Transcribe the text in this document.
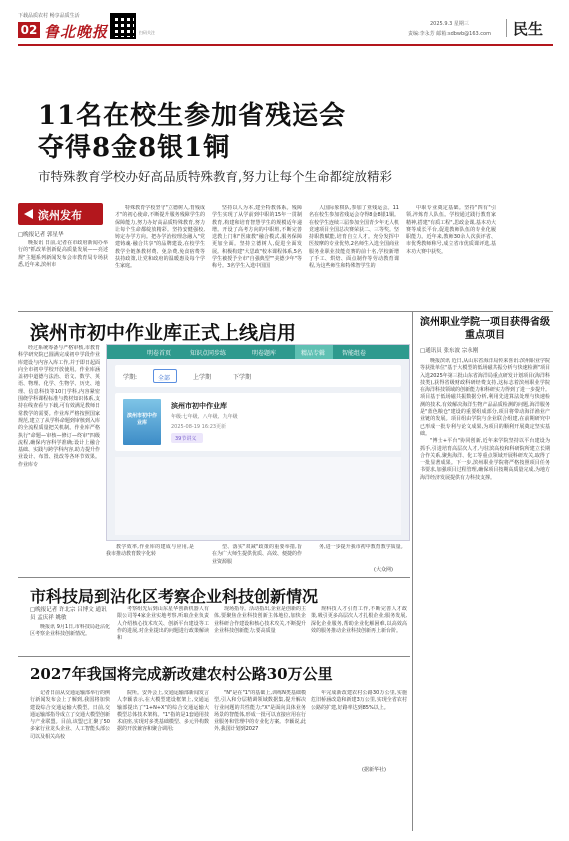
下载品质农村 畅享品质生活
02 鲁北晚报	扫码关注
2025.9.3 星期三
责编:李永芳 邮箱:sdbwb@163.com 民生
11名在校生参加省残运会
夺得8金8银1铜
市特殊教育学校办好高品质特殊教育,努力让每个生命都绽放精彩
滨州发布
□晚报记者 郭星华

晚报讯 日前,记者在市政府新闻办举行的"抓改革创新促高质量发展——亮述规"主题系列新闻发布会市教育局专场获悉,近年来,滨州市

特殊教育学校坚守"立德树人,育残成才"的初心使命,不断提升服务残障学生的保障能力,努力办好高品质特殊教育,努力让每个生命都绽放精彩。坚持安健强校,铸定办学方向。把办学治校理念融入"党建铸魂·融合共享"的品牌建设,在校学生教学全链条教材费、免杂费,免食宿费等扶持政策,让党和政府的温暖惠及每个学生家庭。

坚持以人为本,建全特教体系。残障学生实现了从学前到中职的15年一贯制教育,构建和培育智慧学生的规模适年递增。开设了高考方向的中职班,不断完善送教上门和"医康教"融合模式,服务保障更加全面。坚持立德树人,促进全面发展。积极构建"大思政"校本课程体系,5名学生被授予全市"自强典型""美德少年"等称号。3名学生入选中国国

人国际象棋队,参加了亚残运会。11名在校生参加省残运会夺得8金8银1铜。在校学生连续三届参加全国青少年无人机竞速项目全国总决赛荣获二、三等奖。坚持职教赋能,培育自立人才。充分发挥中医按摩的专业优势,2名师生入选全国商业服务业职业技能竞赛的前十名,学校新增了手工、烘焙、面点制作等劳动教育课程,为这些师生和特殊智学生的

中职专业奠定基础。坚持"四有"引领,淬炼育人队伍。学校通过践行教育家精神,搭建"有质工程",思政金课,基本功大赛等成长平台,促进教师队伍的专业化履职能力。近年来,教师30余人次获评省、市优秀教师称号,成立省市优质课评选,基本功大赛中获奖。

滨州市初中作业库正式上线启用

经过系统筹备与严格审核,市教育科学研究院已圆满完成初中学段作业库建设与内容入库工作,并于即日起面向全市初中学校开放使用。作业库涵盖初中道德与法治、语文、数学、英语、物理、化学、生物学、历史、地理、信息科技等10门学科,内容紧密围绕学科课程标准与教材知识体系,支持在线查看与下载,可有效满足教师日常教学的需要。作业库严格按照国家规范,建立了从学科命题到审核到入库的全流程质量把关机制。作业库严格执行"命题—审核—修订—终审"四级流程,确保内容科学准确;设计上融合基础、实践与跨学科内容,助力提升作业设计、布置、批改等各环节效果。作业库专

明卷首页	知识点同步练	明卷题库	精品专辑	智能组卷
学期:	全部	上学期	下学期
滨州市初中作业库
滨州市初中作业库
年级:七年级、八年级、九年级
2025-08-19 16:23更新
39节讲义

教学效率,作业库的建成与应用,是我市推动教育数字化转

型、落实"双减"政策的重要举措,旨在为广大师生提供优质、高效、便捷的作业资源服

务,进一步提升我市初中教育教学质量。

(大众网)
市科技局到沾化区考察企业科技创新情况
□晚报记者 许北宗 吕博文 通讯员 孟庆祥 姚敏

晚报讯 9月1日,市科技局赴沾化区考察企业科技创新情况。

考察组先后到山东星华创新机器人有限公司等4家企业实地考察,听取企业负责人介绍核心技术攻关、创新平台建设等工作的进展,对企业提出的问题进行政策解读和

现场指导。活动指出,企业是创新的主体,要聚焦企业科技创新主体地位,加快企业科研合作建设和核心技术攻关,不断提升企业科技创新能力;要高质量

规科技人才引育工作,不断完善人才政策,吸引更多高层次人才扎根企业;服务发展,深化企业服务,帮助企业化解困难,以高效高效的服务推动企业科技创新再上新台阶。

2027年我国将完成新改建农村公路30万公里

记者日前从交通运输部举行的例行新闻发布会上了解到,我国将加快建设综合交通运输大模型。日前,交通运输部指导成立了交通大模型创新与产业联盟。目前,该盟已汇聚了50多家行业龙头企业、人工智能头部公司以及相关高校

院所。安外会上,交通运输部新闻发言人李颖表示,在大模型建设框架上,交通运输部提出了"1+N+X"的综合交通运输大模型总体技术架构。"1"指的是1套通用技术底座,实现对多类基础模型、多元异构数据的开放兼容和聚合调用;

"N"是在"1"的基础上,训练N类基础模型,引入和分层精调领域数据集,提升解决行业问题的共性能力;"X"是面向具体业务场景的智能体,形成一批可以直接应用在行业服务和管理中的专业化方案。李颖说,此外,我国计划到2027

年完成新改建农村公路30万公里,实施危旧桥涵改造和新建3万公里,实现全省农村公路的扩建,好路率达到85%以上。

(据新华社)
滨州职业学院一项目获得省级重点项目
□通讯员 张东波 宗永刚

晚报滨讯 近日,从山东省海洋局传来喜讯:滨州职业学院等获批单位"基于大模型的低场磁共振分析与快速检测"项目入选2025年第三批山东省海洋局重点研发计划项目(海洋科技类),获得省级财政科研经费支持,这标志着滨州职业学院在海洋科技领域的创新能力和科研实力得到了进一步提升。项目基于低场磁共振数据分析,利用先进算法处理与快速检测的技术,有效解决海洋生物产品品质检测的问题,海洋服务是"蓝色粮仓"建设的重要组成部分,项目将带动海洋渔业产业链的发展。项目组由学院与企业联合组建,在前期研究中已形成一批专利与论文成果,为项目的顺利开展奠定坚实基础。

"博士+平台"协同创新,近年来学院坚持以平台建设为抓手,引进培育高层次人才,与驻滨高校和科研院所建立长期合作关系,聚焦海洋、化工等重点领域开展科研攻关,取得了一批显著成果。下一步,滨州职业学院将严格按照项目任务书要求,加强项目过程管理,确保项目按期高质量完成,为地方海洋经济发展提供有力科技支撑。
